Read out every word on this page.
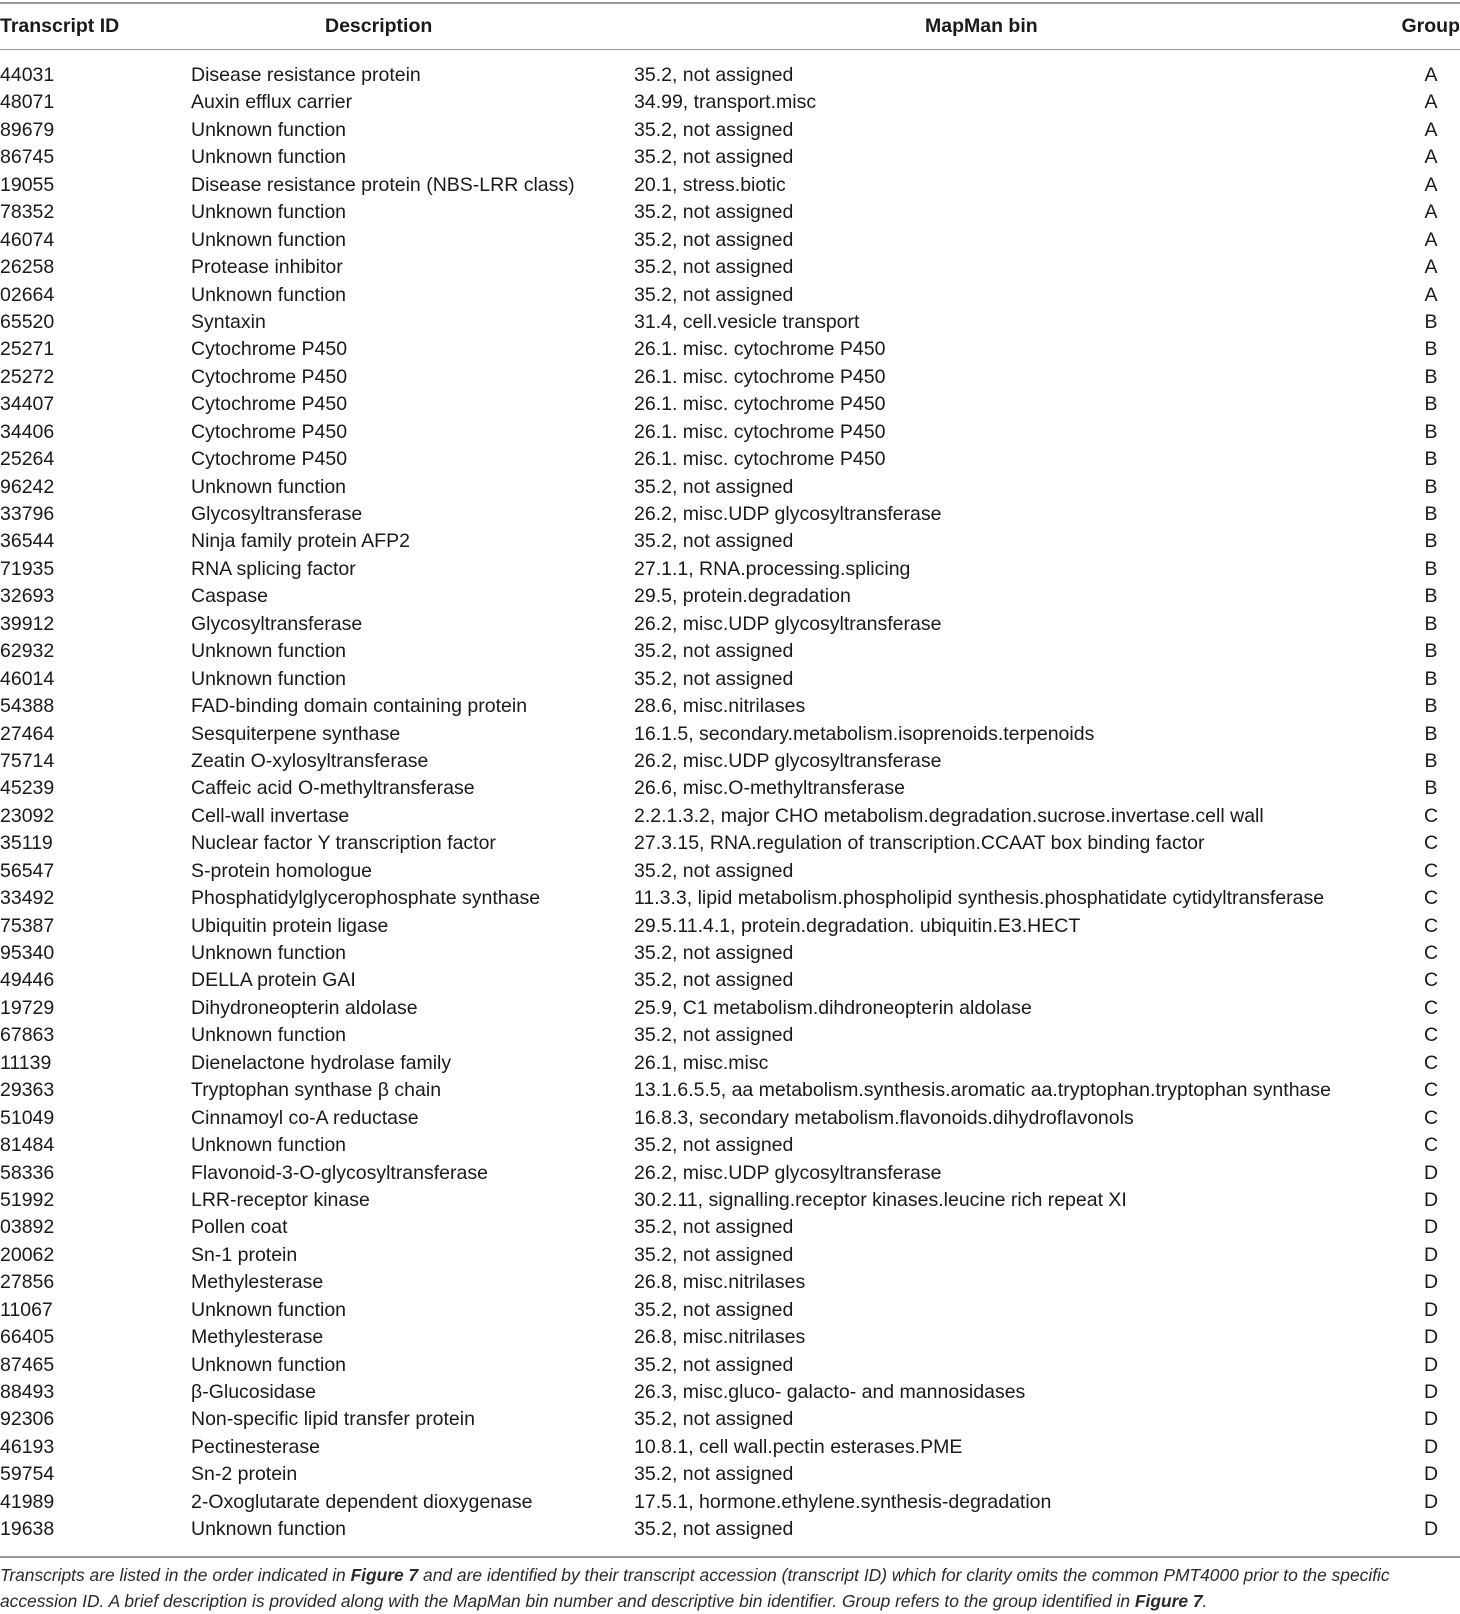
Transcript ID	Description	MapMan bin	Group
44031	Disease resistance protein	35.2, not assigned	A
48071	Auxin efflux carrier	34.99, transport.misc	A
89679	Unknown function	35.2, not assigned	A
86745	Unknown function	35.2, not assigned	A
19055	Disease resistance protein (NBS-LRR class)	20.1, stress.biotic	A
78352	Unknown function	35.2, not assigned	A
46074	Unknown function	35.2, not assigned	A
26258	Protease inhibitor	35.2, not assigned	A
02664	Unknown function	35.2, not assigned	A
65520	Syntaxin	31.4, cell.vesicle transport	B
25271	Cytochrome P450	26.1. misc. cytochrome P450	B
25272	Cytochrome P450	26.1. misc. cytochrome P450	B
34407	Cytochrome P450	26.1. misc. cytochrome P450	B
34406	Cytochrome P450	26.1. misc. cytochrome P450	B
25264	Cytochrome P450	26.1. misc. cytochrome P450	B
96242	Unknown function	35.2, not assigned	B
33796	Glycosyltransferase	26.2, misc.UDP glycosyltransferase	B
36544	Ninja family protein AFP2	35.2, not assigned	B
71935	RNA splicing factor	27.1.1, RNA.processing.splicing	B
32693	Caspase	29.5, protein.degradation	B
39912	Glycosyltransferase	26.2, misc.UDP glycosyltransferase	B
62932	Unknown function	35.2, not assigned	B
46014	Unknown function	35.2, not assigned	B
54388	FAD-binding domain containing protein	28.6, misc.nitrilases	B
27464	Sesquiterpene synthase	16.1.5, secondary.metabolism.isoprenoids.terpenoids	B
75714	Zeatin O-xylosyltransferase	26.2, misc.UDP glycosyltransferase	B
45239	Caffeic acid O-methyltransferase	26.6, misc.O-methyltransferase	B
23092	Cell-wall invertase	2.2.1.3.2, major CHO metabolism.degradation.sucrose.invertase.cell wall	C
35119	Nuclear factor Y transcription factor	27.3.15, RNA.regulation of transcription.CCAAT box binding factor	C
56547	S-protein homologue	35.2, not assigned	C
33492	Phosphatidylglycerophosphate synthase	11.3.3, lipid metabolism.phospholipid synthesis.phosphatidate cytidyltransferase	C
75387	Ubiquitin protein ligase	29.5.11.4.1, protein.degradation. ubiquitin.E3.HECT	C
95340	Unknown function	35.2, not assigned	C
49446	DELLA protein GAI	35.2, not assigned	C
19729	Dihydroneopterin aldolase	25.9, C1 metabolism.dihdroneopterin aldolase	C
67863	Unknown function	35.2, not assigned	C
11139	Dienelactone hydrolase family	26.1, misc.misc	C
29363	Tryptophan synthase β chain	13.1.6.5.5, aa metabolism.synthesis.aromatic aa.tryptophan.tryptophan synthase	C
51049	Cinnamoyl co-A reductase	16.8.3, secondary metabolism.flavonoids.dihydroflavonols	C
81484	Unknown function	35.2, not assigned	C
58336	Flavonoid-3-O-glycosyltransferase	26.2, misc.UDP glycosyltransferase	D
51992	LRR-receptor kinase	30.2.11, signalling.receptor kinases.leucine rich repeat XI	D
03892	Pollen coat	35.2, not assigned	D
20062	Sn-1 protein	35.2, not assigned	D
27856	Methylesterase	26.8, misc.nitrilases	D
11067	Unknown function	35.2, not assigned	D
66405	Methylesterase	26.8, misc.nitrilases	D
87465	Unknown function	35.2, not assigned	D
88493	β-Glucosidase	26.3, misc.gluco- galacto- and mannosidases	D
92306	Non-specific lipid transfer protein	35.2, not assigned	D
46193	Pectinesterase	10.8.1, cell wall.pectin esterases.PME	D
59754	Sn-2 protein	35.2, not assigned	D
41989	2-Oxoglutarate dependent dioxygenase	17.5.1, hormone.ethylene.synthesis-degradation	D
19638	Unknown function	35.2, not assigned	D
Transcripts are listed in the order indicated in Figure 7 and are identified by their transcript accession (transcript ID) which for clarity omits the common PMT4000 prior to the specific accession ID. A brief description is provided along with the MapMan bin number and descriptive bin identifier. Group refers to the group identified in Figure 7.
